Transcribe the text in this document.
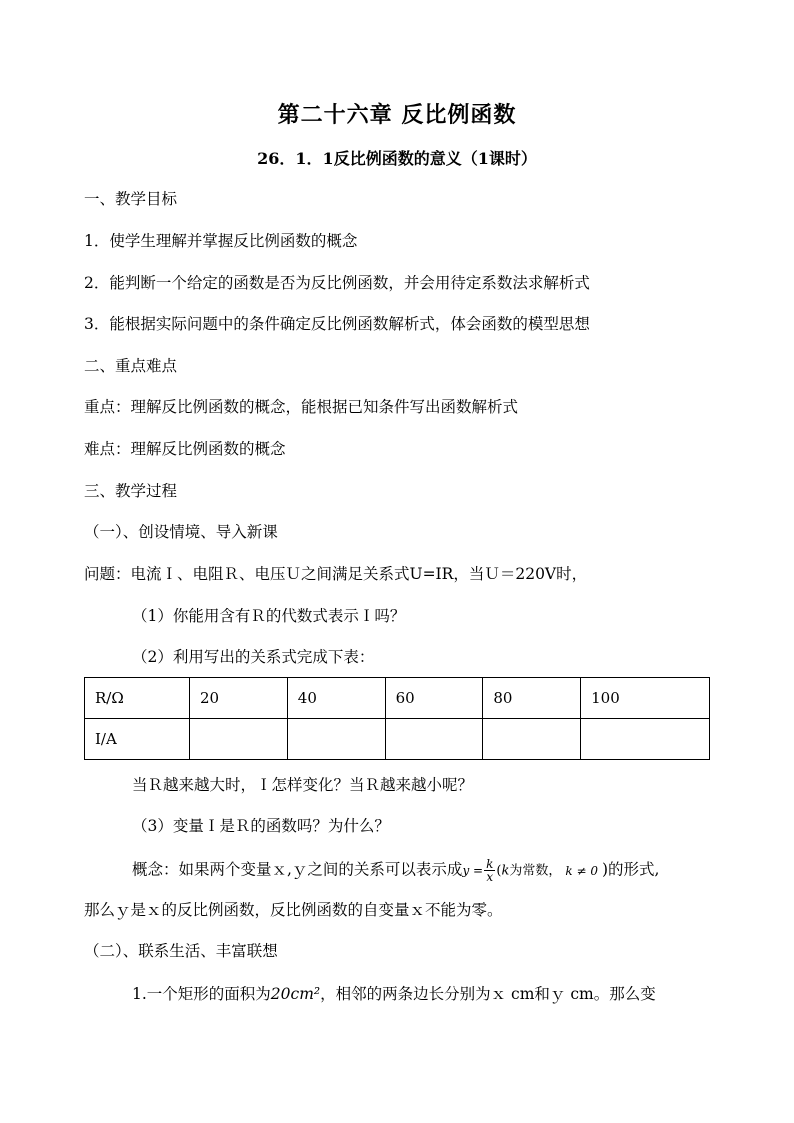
第二十六章 反比例函数
26．1．1反比例函数的意义（1课时）
一、教学目标
1．使学生理解并掌握反比例函数的概念
2．能判断一个给定的函数是否为反比例函数，并会用待定系数法求解析式
3．能根据实际问题中的条件确定反比例函数解析式，体会函数的模型思想
二、重点难点
重点：理解反比例函数的概念，能根据已知条件写出函数解析式
难点：理解反比例函数的概念
三、教学过程
（一）、创设情境、导入新课
问题：电流Ｉ、电阻Ｒ、电压Ｕ之间满足关系式U=IR，当Ｕ＝220V时，
（1）你能用含有Ｒ的代数式表示Ｉ吗？
（2）利用写出的关系式完成下表：
R/Ω	20	40	60	80	100
I/A					
当Ｒ越来越大时，Ｉ怎样变化？当Ｒ越来越小呢？
（3）变量Ｉ是Ｒ的函数吗？为什么？
概念：如果两个变量ｘ,ｙ之间的关系可以表示成$y = \frac{k}{x} (k$为常数， k ≠ 0 )的形式,
那么ｙ是ｘ的反比例函数，反比例函数的自变量ｘ不能为零。
（二）、联系生活、丰富联想
1.一个矩形的面积为20cm²，相邻的两条边长分别为ｘ cm和ｙ cm。那么变
